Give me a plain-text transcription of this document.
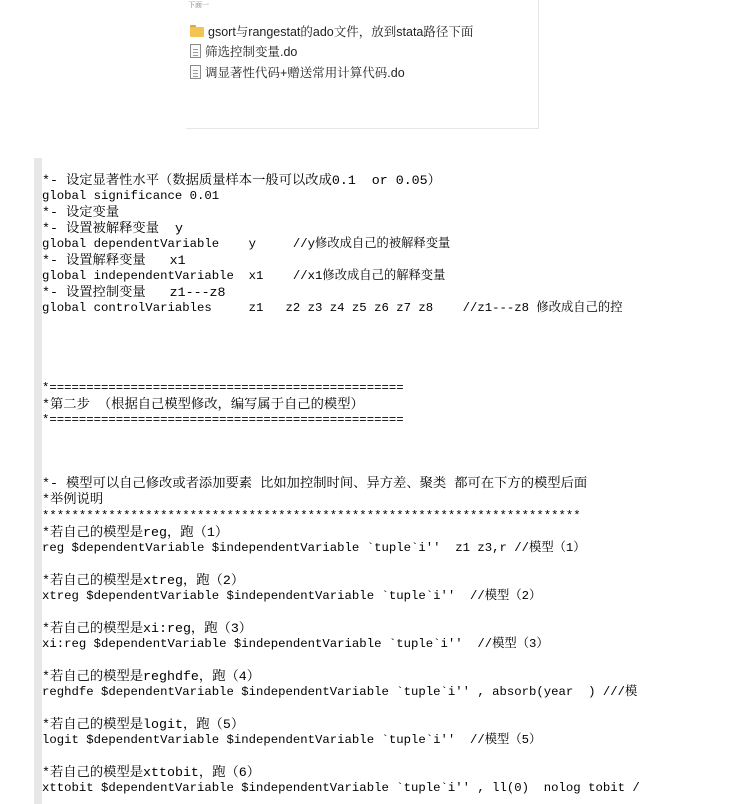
下面一
gsort与rangestat的ado文件，放到stata路径下面
筛选控制变量.do
调显著性代码+赠送常用计算代码.do
*- 设定显著性水平（数据质量样本一般可以改成0.1  or 0.05）
global significance 0.01
*- 设定变量
*- 设置被解释变量  y
global dependentVariable    y     //y修改成自己的被解释变量
*- 设置解释变量   x1
global independentVariable  x1    //x1修改成自己的解释变量
*- 设置控制变量   z1---z8
global controlVariables     z1   z2 z3 z4 z5 z6 z7 z8    //z1---z8 修改成自己的控
*================================================
*第二步 （根据自己模型修改，编写属于自己的模型）
*================================================
*- 模型可以自己修改或者添加要素 比如加控制时间、异方差、聚类 都可在下方的模型后面
*举例说明
*************************************************************************
*若自己的模型是reg，跑（1）
reg $dependentVariable $independentVariable `tuple`i''  z1 z3,r //模型（1）
*若自己的模型是xtreg，跑（2）
xtreg $dependentVariable $independentVariable `tuple`i''  //模型（2）
*若自己的模型是xi:reg，跑（3）
xi:reg $dependentVariable $independentVariable `tuple`i''  //模型（3）
*若自己的模型是reghdfe，跑（4）
reghdfe $dependentVariable $independentVariable `tuple`i'' , absorb(year  ) ///模
*若自己的模型是logit，跑（5）
logit $dependentVariable $independentVariable `tuple`i''  //模型（5）
*若自己的模型是xttobit，跑（6）
xttobit $dependentVariable $independentVariable `tuple`i'' , ll(0)  nolog tobit /
